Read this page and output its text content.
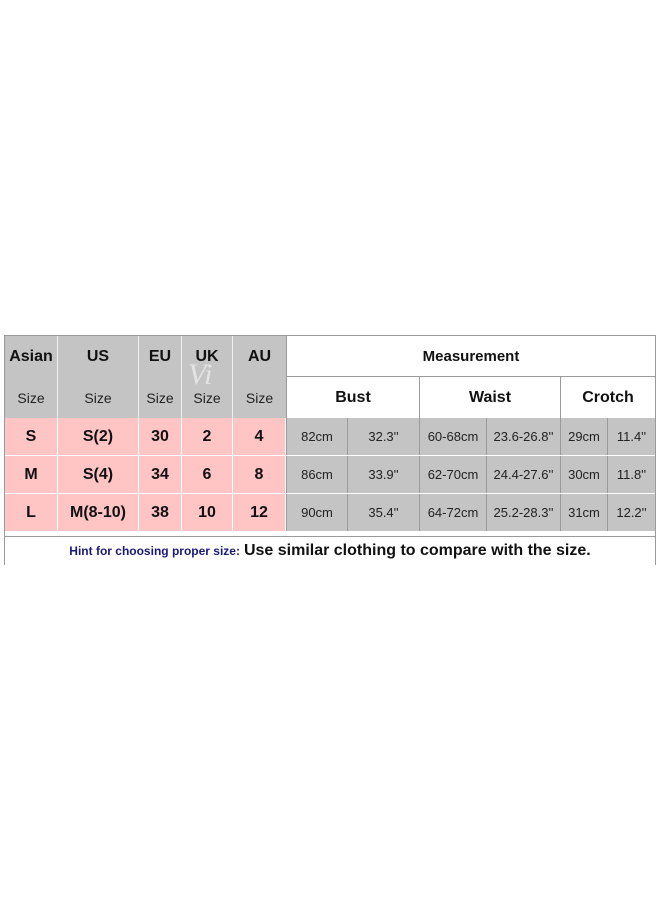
Asian	US	EU	UK	AU
Size	Size	Size	Size	Size
Measurement
Bust	Waist	Crotch
S	S(2)	30	2	4	82cm	32.3''	60-68cm	23.6-26.8''	29cm	11.4''
M	S(4)	34	6	8	86cm	33.9''	62-70cm	24.4-27.6''	30cm	11.8''
L	M(8-10)	38	10	12	90cm	35.4''	64-72cm	25.2-28.3''	31cm	12.2''
Hint for choosing proper size: Use similar clothing to compare with the size.
Vi
